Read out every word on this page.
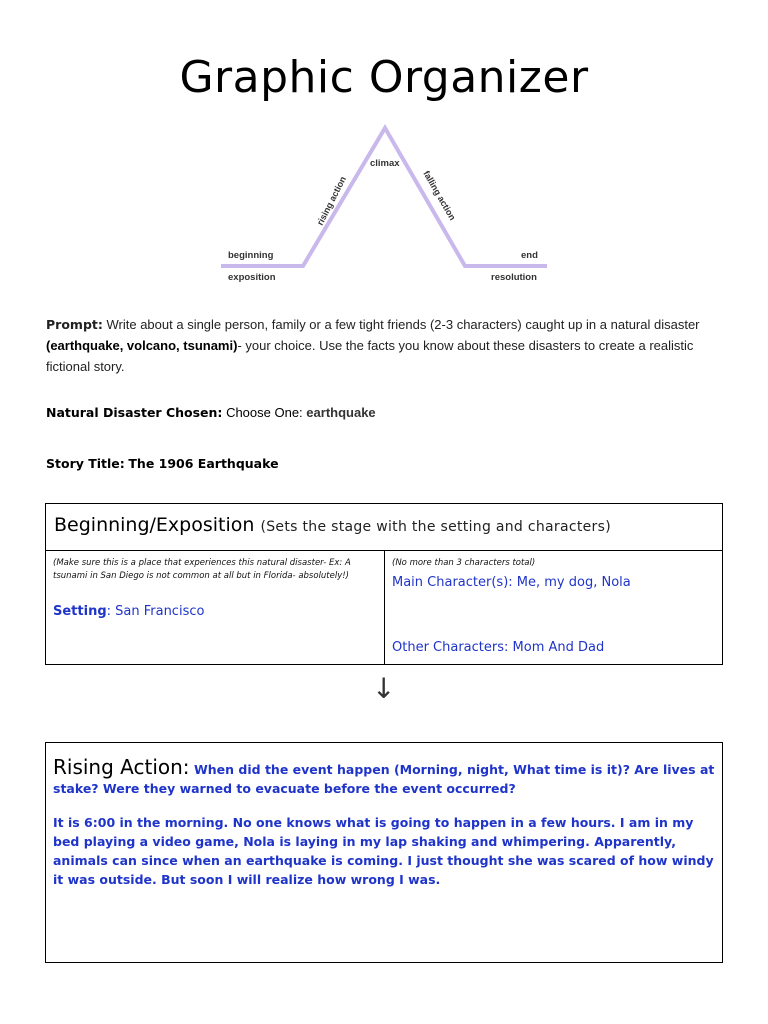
Graphic Organizer
climax
rising action	falling action
beginning
exposition
end
resolution
Prompt: Write about a single person, family or a few tight friends (2-3 characters) caught up in a natural disaster (earthquake, volcano, tsunami)- your choice. Use the facts you know about these disasters to create a realistic fictional story.
Natural Disaster Chosen: Choose One: earthquake
Story Title: The 1906 Earthquake
Beginning/Exposition (Sets the stage with the setting and characters)
(Make sure this is a place that experiences this natural disaster- Ex: A tsunami in San Diego is not common at all but in Florida- absolutely!)
Setting: San Francisco
(No more than 3 characters total)
Main Character(s): Me, my dog, Nola
Other Characters: Mom And Dad
↓
Rising Action: When did the event happen (Morning, night, What time is it)? Are lives at stake? Were they warned to evacuate before the event occurred?
It is 6:00 in the morning. No one knows what is going to happen in a few hours. I am in my bed playing a video game, Nola is laying in my lap shaking and whimpering. Apparently, animals can since when an earthquake is coming. I just thought she was scared of how windy it was outside. But soon I will realize how wrong I was.
